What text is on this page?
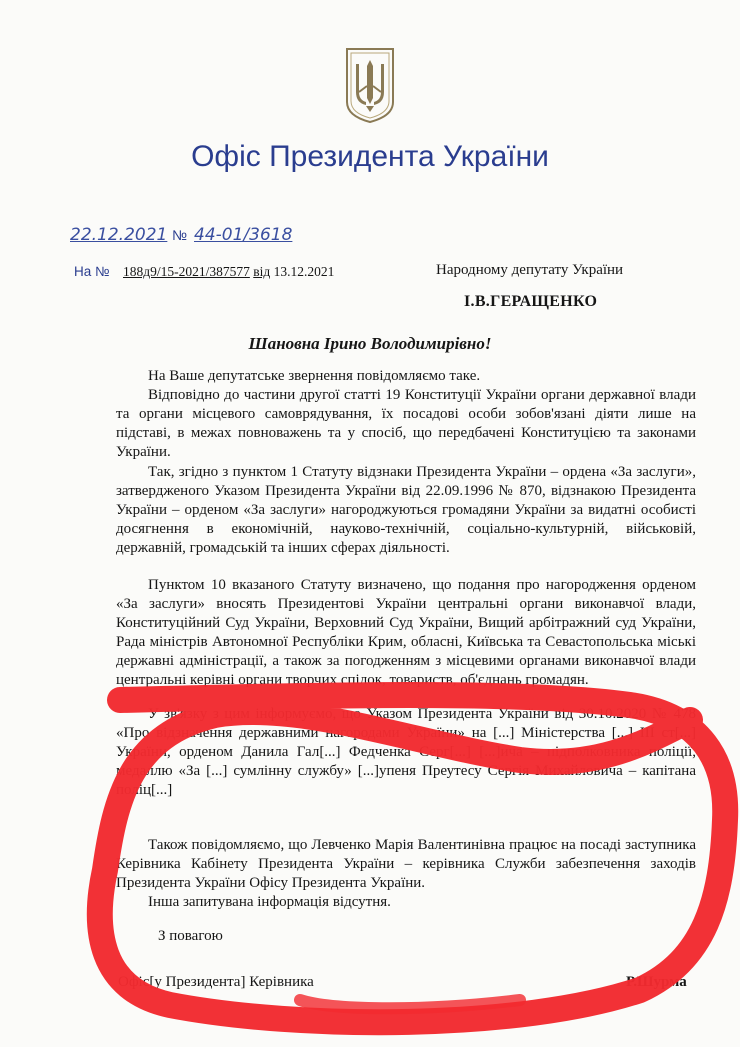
Офіс Президента України
22.12.2021 № 44-01/3618
На № 188д9/15-2021/387577 від 13.12.2021	Народному депутату України
І.В.ГЕРАЩЕНКО
Шановна Ірино Володимирівно!
На Ваше депутатське звернення повідомляємо таке.
Відповідно до частини другої статті 19 Конституції України органи державної влади та органи місцевого самоврядування, їх посадові особи зобов'язані діяти лише на підставі, в межах повноважень та у спосіб, що передбачені Конституцією та законами України.
Так, згідно з пунктом 1 Статуту відзнаки Президента України – ордена «За заслуги», затвердженого Указом Президента України від 22.09.1996 № 870, відзнакою Президента України – орденом «За заслуги» нагороджуються громадяни України за видатні особисті досягнення в економічній, науково-технічній, соціально-культурній, військовій, державній, громадській та інших сферах діяльності.
Пунктом 10 вказаного Статуту визначено, що подання про нагородження орденом «За заслуги» вносять Президентові України центральні органи виконавчої влади, Конституційний Суд України, Верховний Суд України, Вищий арбітражний суд України, Рада міністрів Автономної Республіки Крим, обласні, Київська та Севастопольська міські державні адміністрації, а також за погодженням з місцевими органами виконавчої влади центральні керівні органи творчих спілок, товариств, об'єднань громадян.
У зв'язку з цим інформуємо, що Указом Президента України від 30.10.2020 № 478 «Про відзначення державними нагородами України» на [...] Міністерства [...] III ст[...] України, орденом Данила Гал[...] Федченка Серг[...] [...]ича – підполковника поліції, медаллю «За [...] сумлінну службу» [...]упеня Преутесу Сергія Михайловича – капітана поліц[...]
Також повідомляємо, що Левченко Марія Валентинівна працює на посаді заступника Керівника Кабінету Президента України – керівника Служби забезпечення заходів Президента України Офісу Президента України.
Інша запитувана інформація відсутня.
З повагою
Офіс[у Президента] Керівника	Р.Шурма
